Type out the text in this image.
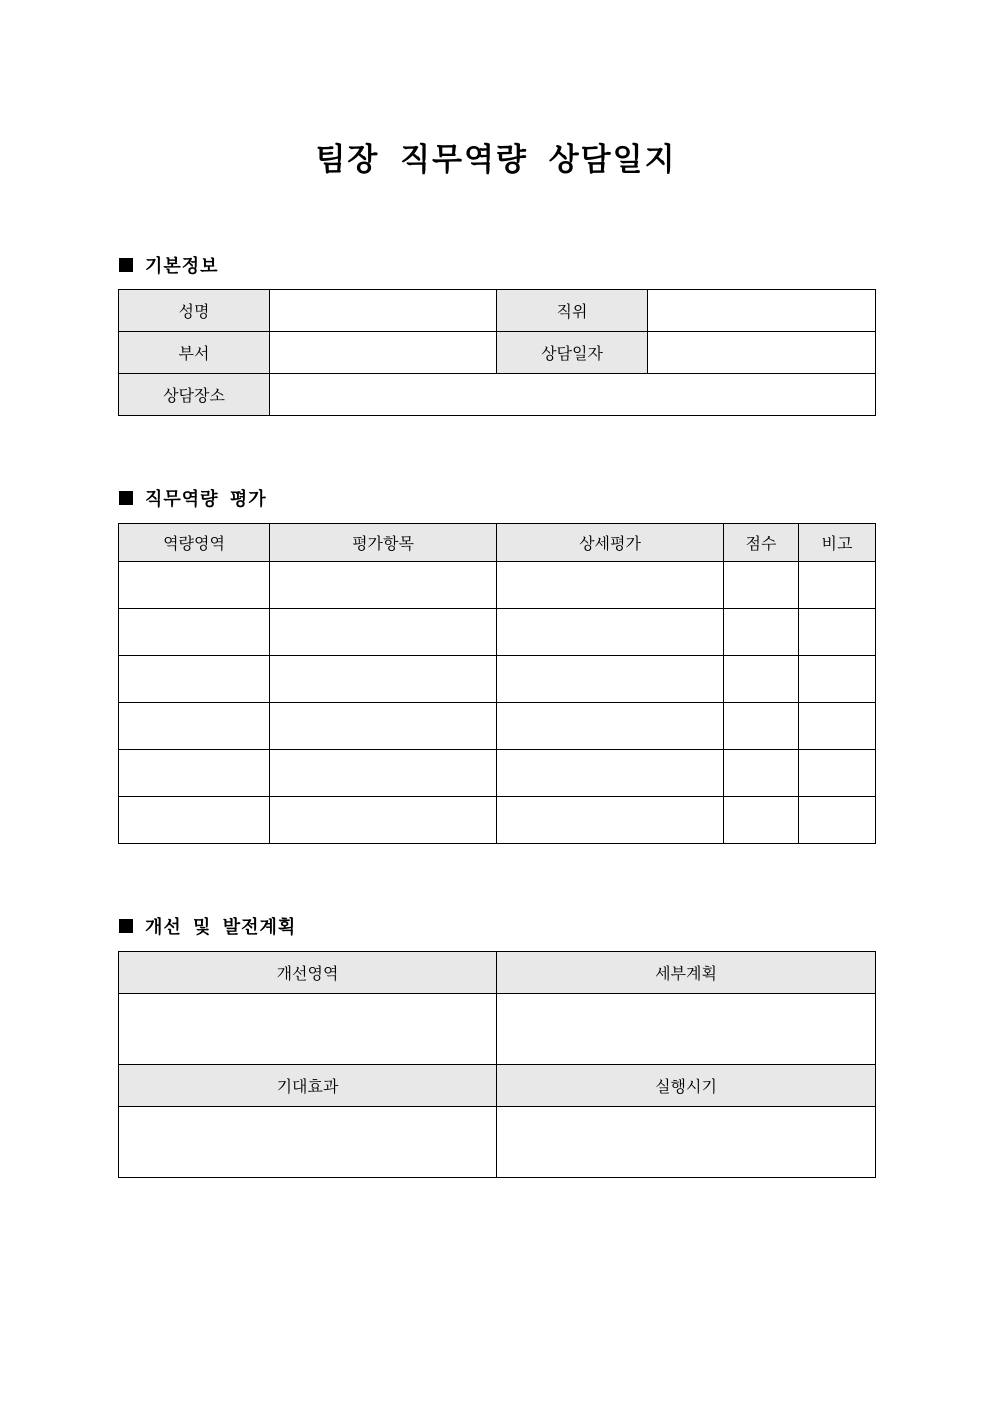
팀장 직무역량 상담일지
기본정보
성명		직위	
부서		상담일자	
상담장소			
직무역량 평가
역량영역	평가항목	상세평가	점수	비고

개선 및 발전계획
개선영역	세부계획

기대효과	실행시기
